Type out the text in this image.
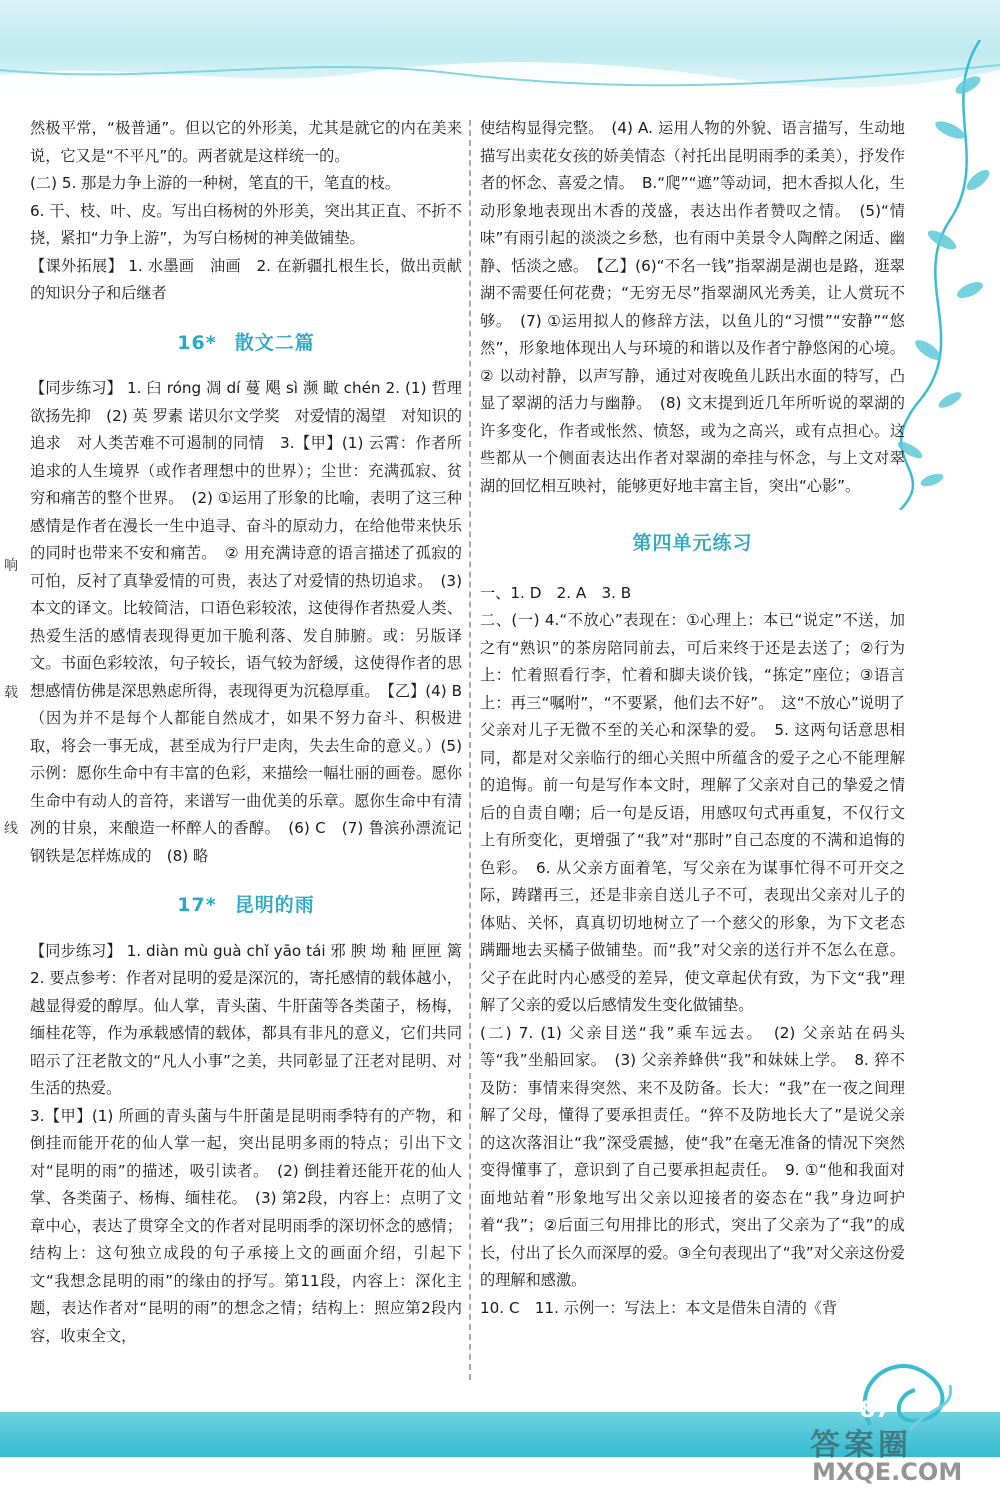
响
载
线

然极平常，“极普通”。但以它的外形美，尤其是就它的内在美来说，它又是“不平凡”的。两者就是这样统一的。

(二) 5. 那是力争上游的一种树，笔直的干，笔直的枝。

6. 干、枝、叶、皮。写出白杨树的外形美，突出其正直、不折不挠，紧扣“力争上游”，为写白杨树的神美做铺垫。

【课外拓展】 1. 水墨画　油画　2. 在新疆扎根生长，做出贡献的知识分子和后继者

16* 散文二篇

【同步练习】 1. 臼 róng 凋 dí 蔓 飓 sì 濒 瞰 chén 2. (1) 哲理　欲扬先抑　(2) 英 罗素 诺贝尔文学奖　对爱情的渴望　对知识的追求　对人类苦难不可遏制的同情　3.【甲】(1) 云霄：作者所追求的人生境界（或作者理想中的世界）；尘世：充满孤寂、贫穷和痛苦的整个世界。　(2) ①运用了形象的比喻，表明了这三种感情是作者在漫长一生中追寻、奋斗的原动力，在给他带来快乐的同时也带来不安和痛苦。　② 用充满诗意的语言描述了孤寂的可怕，反衬了真挚爱情的可贵，表达了对爱情的热切追求。　(3) 本文的译文。比较简洁，口语色彩较浓，这使得作者热爱人类、热爱生活的感情表现得更加干脆利落、发自肺腑。或：另版译文。书面色彩较浓，句子较长，语气较为舒缓，这使得作者的思想感情仿佛是深思熟虑所得，表现得更为沉稳厚重。　【乙】(4) B（因为并不是每个人都能自然成才，如果不努力奋斗、积极进取，将会一事无成，甚至成为行尸走肉，失去生命的意义。）(5) 示例：愿你生命中有丰富的色彩，来描绘一幅壮丽的画卷。愿你生命中有动人的音符，来谱写一曲优美的乐章。愿你生命中有清冽的甘泉，来酿造一杯醉人的香醇。　(6) C　(7) 鲁滨孙漂流记　钢铁是怎样炼成的　(8) 略

17* 昆明的雨

【同步练习】 1. diàn mù guà chǐ yāo tái 邪 腴 坳 釉 匣匣 篱　2. 要点参考：作者对昆明的爱是深沉的，寄托感情的载体越小，越显得爱的醇厚。仙人掌，青头菌、牛肝菌等各类菌子，杨梅，缅桂花等，作为承载感情的载体，都具有非凡的意义，它们共同昭示了汪老散文的“凡人小事”之美，共同彰显了汪老对昆明、对生活的热爱。

3.【甲】(1) 所画的青头菌与牛肝菌是昆明雨季特有的产物，和倒挂而能开花的仙人掌一起，突出昆明多雨的特点；引出下文对“昆明的雨”的描述，吸引读者。　(2) 倒挂着还能开花的仙人掌、各类菌子、杨梅、缅桂花。　(3) 第2段，内容上：点明了文章中心，表达了贯穿全文的作者对昆明雨季的深切怀念的感情；结构上：这句独立成段的句子承接上文的画面介绍，引起下文“我想念昆明的雨”的缘由的抒写。第11段，内容上：深化主题，表达作者对“昆明的雨”的想念之情；结构上：照应第2段内容，收束全文，

使结构显得完整。　(4) A. 运用人物的外貌、语言描写，生动地描写出卖花女孩的娇美情态（衬托出昆明雨季的柔美），抒发作者的怀念、喜爱之情。　B.“爬”“遮”等动词，把木香拟人化，生动形象地表现出木香的茂盛，表达出作者赞叹之情。　(5)“情味”有雨引起的淡淡之乡愁，也有雨中美景令人陶醉之闲适、幽静、恬淡之感。　【乙】(6)“不名一钱”指翠湖是湖也是路，逛翠湖不需要任何花费；“无穷无尽”指翠湖风光秀美，让人赏玩不够。　(7) ①运用拟人的修辞方法，以鱼儿的“习惯”“安静”“悠然”，形象地体现出人与环境的和谐以及作者宁静悠闲的心境。② 以动衬静，以声写静，通过对夜晚鱼儿跃出水面的特写，凸显了翠湖的活力与幽静。　(8) 文末提到近几年所听说的翠湖的许多变化，作者或怅然、愤怒，或为之高兴，或有点担心。这些都从一个侧面表达出作者对翠湖的牵挂与怀念，与上文对翠湖的回忆相互映衬，能够更好地丰富主旨，突出“心影”。

第四单元练习

一、1. D　2. A　3. B

二、(一) 4.“不放心”表现在：①心理上：本已“说定”不送，加之有“熟识”的茶房陪同前去，可后来终于还是去送了；②行为上：忙着照看行李，忙着和脚夫谈价钱，“拣定”座位；③语言上：再三“嘱咐”，“不要紧，他们去不好”。　这“不放心”说明了父亲对儿子无微不至的关心和深挚的爱。　5. 这两句话意思相同，都是对父亲临行的细心关照中所蕴含的爱子之心不能理解的追悔。前一句是写作本文时，理解了父亲对自己的挚爱之情后的自责自嘲；后一句是反语，用感叹句式再重复，不仅行文上有所变化，更增强了“我”对“那时”自己态度的不满和追悔的色彩。　6. 从父亲方面着笔，写父亲在为谋事忙得不可开交之际，踌躇再三，还是非亲自送儿子不可，表现出父亲对儿子的体贴、关怀，真真切切地树立了一个慈父的形象，为下文老态蹒跚地去买橘子做铺垫。而“我”对父亲的送行并不怎么在意。父子在此时内心感受的差异，使文章起伏有致，为下文“我”理解了父亲的爱以后感情发生变化做铺垫。

(二) 7. (1) 父亲目送“我”乘车远去。　(2) 父亲站在码头等“我”坐船回家。　(3) 父亲养蜂供“我”和妹妹上学。　8. 猝不及防：事情来得突然、来不及防备。长大：“我”在一夜之间理解了父母，懂得了要承担责任。“猝不及防地长大了”是说父亲的这次落泪让“我”深受震撼，使“我”在毫无准备的情况下突然变得懂事了，意识到了自己要承担起责任。　9. ①“他和我面对面地站着”形象地写出父亲以迎接者的姿态在“我”身边呵护着“我”；②后面三句用排比的形式，突出了父亲为了“我”的成长，付出了长久而深厚的爱。③全句表现出了“我”对父亲这份爱的理解和感激。

10. C　11. 示例一：写法上：本文是借朱自清的《背

87
答案圈
MXQE.COM
